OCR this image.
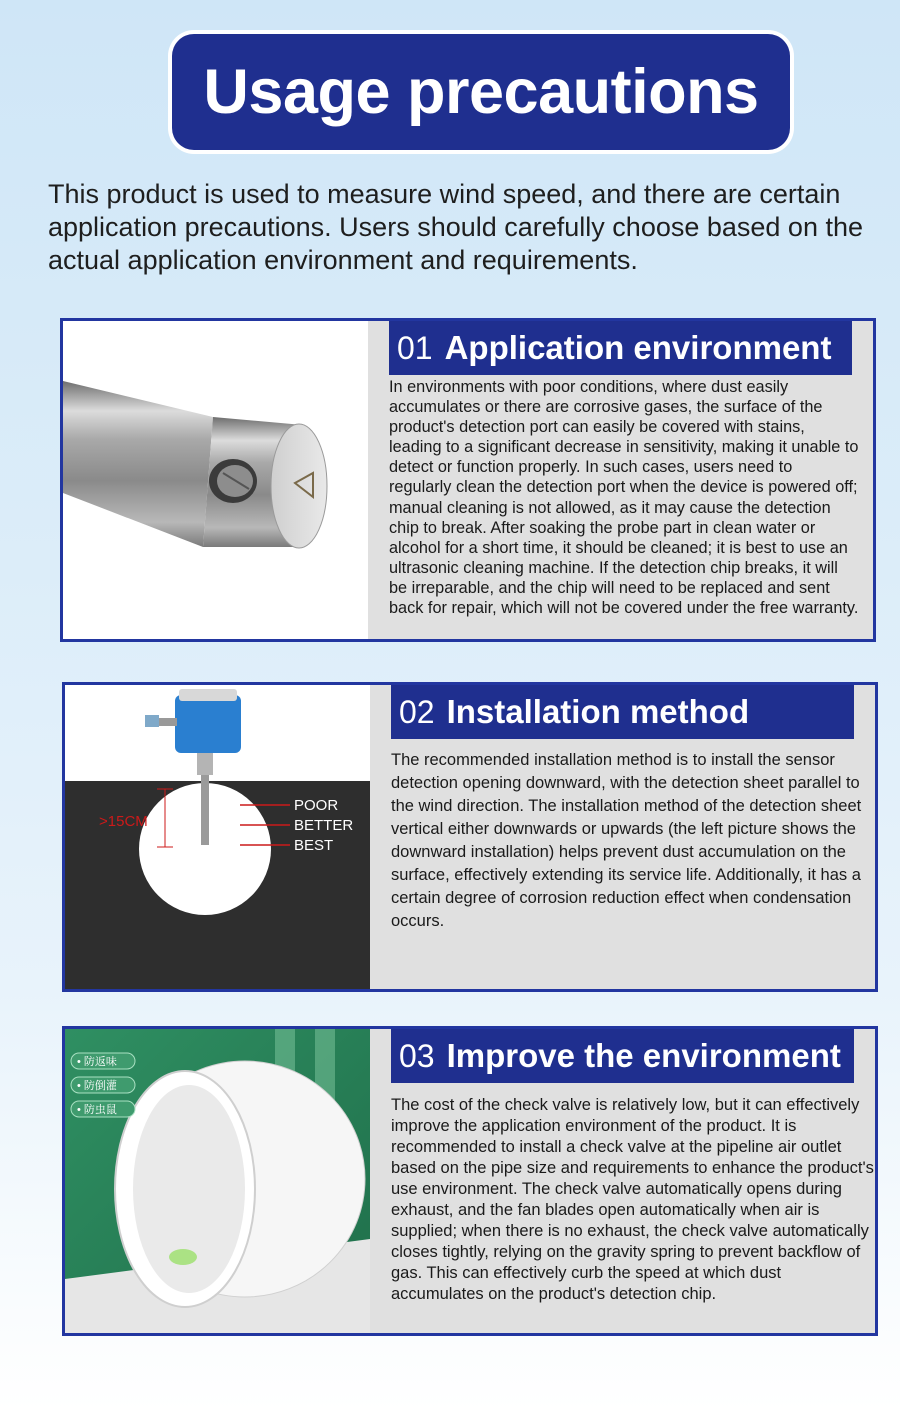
Usage precautions
This product is used to measure wind speed, and there are certain application precautions. Users should carefully choose based on the actual application environment and requirements.
01 Application environment
In environments with poor conditions, where dust easily accumulates or there are corrosive gases, the surface of the product's detection port can easily be covered with stains, leading to a significant decrease in sensitivity, making it unable to detect or function properly. In such cases, users need to regularly clean the detection port when the device is powered off; manual cleaning is not allowed, as it may cause the detection chip to break. After soaking the probe part in clean water or alcohol for a short time, it should be cleaned; it is best to use an ultrasonic cleaning machine. If the detection chip breaks, it will be irreparable, and the chip will need to be replaced and sent back for repair, which will not be covered under the free warranty.
>15CM
POOR
BETTER
BEST
02 Installation method
The recommended installation method is to install the sensor detection opening downward, with the detection sheet parallel to the wind direction. The installation method of the detection sheet vertical either downwards or upwards (the left picture shows the downward installation) helps prevent dust accumulation on the surface, effectively extending its service life. Additionally, it has a certain degree of corrosion reduction effect when condensation occurs.
• 防返味
• 防倒灌
• 防虫鼠
03 Improve the environment
The cost of the check valve is relatively low, but it can effectively improve the application environment of the product. It is recommended to install a check valve at the pipeline air outlet based on the pipe size and requirements to enhance the product's use environment. The check valve automatically opens during exhaust, and the fan blades open automatically when air is supplied; when there is no exhaust, the check valve automatically closes tightly, relying on the gravity spring to prevent backflow of gas. This can effectively curb the speed at which dust accumulates on the product's detection chip.
